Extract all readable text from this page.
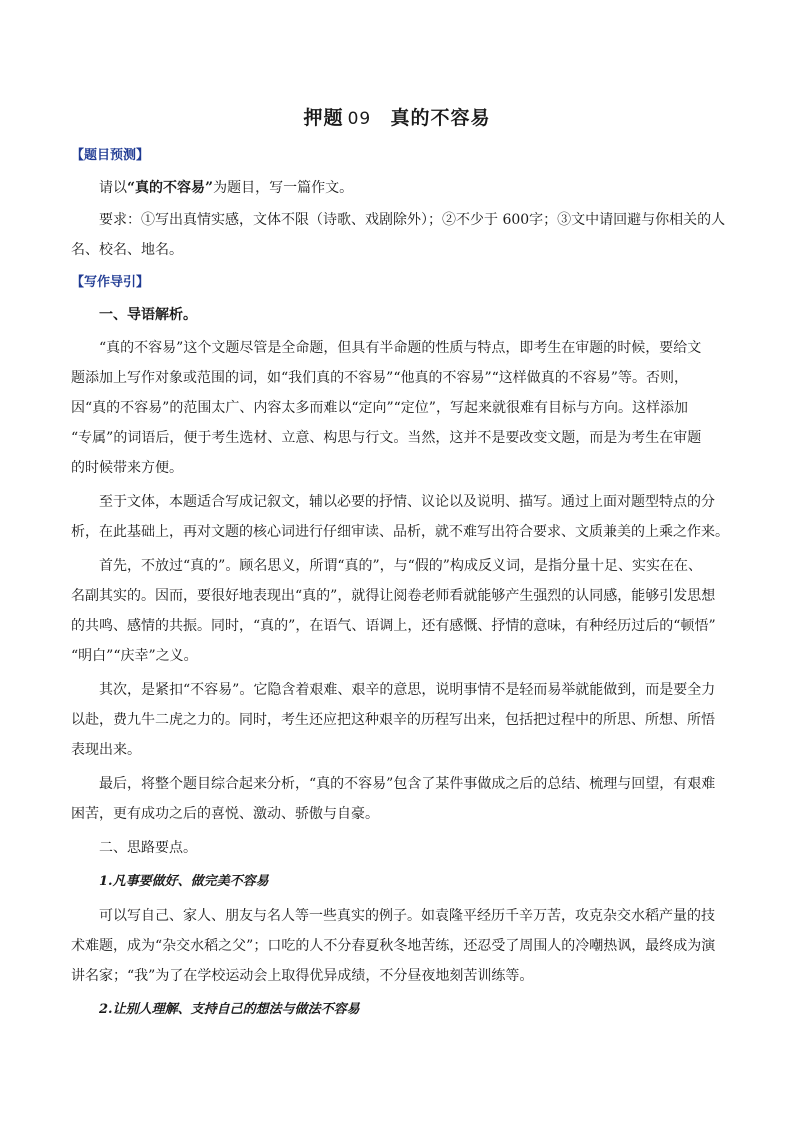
押题 09 真的不容易
【题目预测】
请以“真的不容易”为题目，写一篇作文。
要求：①写出真情实感，文体不限（诗歌、戏剧除外）；②不少于 600字；③文中请回避与你相关的人
名、校名、地名。
【写作导引】
一、导语解析。
“真的不容易”这个文题尽管是全命题，但具有半命题的性质与特点，即考生在审题的时候，要给文
题添加上写作对象或范围的词，如“我们真的不容易”“他真的不容易”“这样做真的不容易”等。否则，
因“真的不容易”的范围太广、内容太多而难以“定向”“定位”，写起来就很难有目标与方向。这样添加
“专属”的词语后，便于考生选材、立意、构思与行文。当然，这并不是要改变文题，而是为考生在审题
的时候带来方便。
至于文体，本题适合写成记叙文，辅以必要的抒情、议论以及说明、描写。通过上面对题型特点的分
析，在此基础上，再对文题的核心词进行仔细审读、品析，就不难写出符合要求、文质兼美的上乘之作来。
首先，不放过“真的”。顾名思义，所谓“真的”，与“假的”构成反义词，是指分量十足、实实在在、
名副其实的。因而，要很好地表现出“真的”，就得让阅卷老师看就能够产生强烈的认同感，能够引发思想
的共鸣、感情的共振。同时，“真的”，在语气、语调上，还有感慨、抒情的意味，有种经历过后的“顿悟”
“明白”“庆幸”之义。
其次，是紧扣“不容易”。它隐含着艰难、艰辛的意思，说明事情不是轻而易举就能做到，而是要全力
以赴，费九牛二虎之力的。同时，考生还应把这种艰辛的历程写出来，包括把过程中的所思、所想、所悟
表现出来。
最后，将整个题目综合起来分析，“真的不容易”包含了某件事做成之后的总结、梳理与回望，有艰难
困苦，更有成功之后的喜悦、激动、骄傲与自豪。
二、思路要点。
1.凡事要做好、做完美不容易
可以写自己、家人、朋友与名人等一些真实的例子。如袁隆平经历千辛万苦，攻克杂交水稻产量的技
术难题，成为“杂交水稻之父”；口吃的人不分春夏秋冬地苦练，还忍受了周围人的冷嘲热讽，最终成为演
讲名家；“我”为了在学校运动会上取得优异成绩，不分昼夜地刻苦训练等。
2.让别人理解、支持自己的想法与做法不容易
